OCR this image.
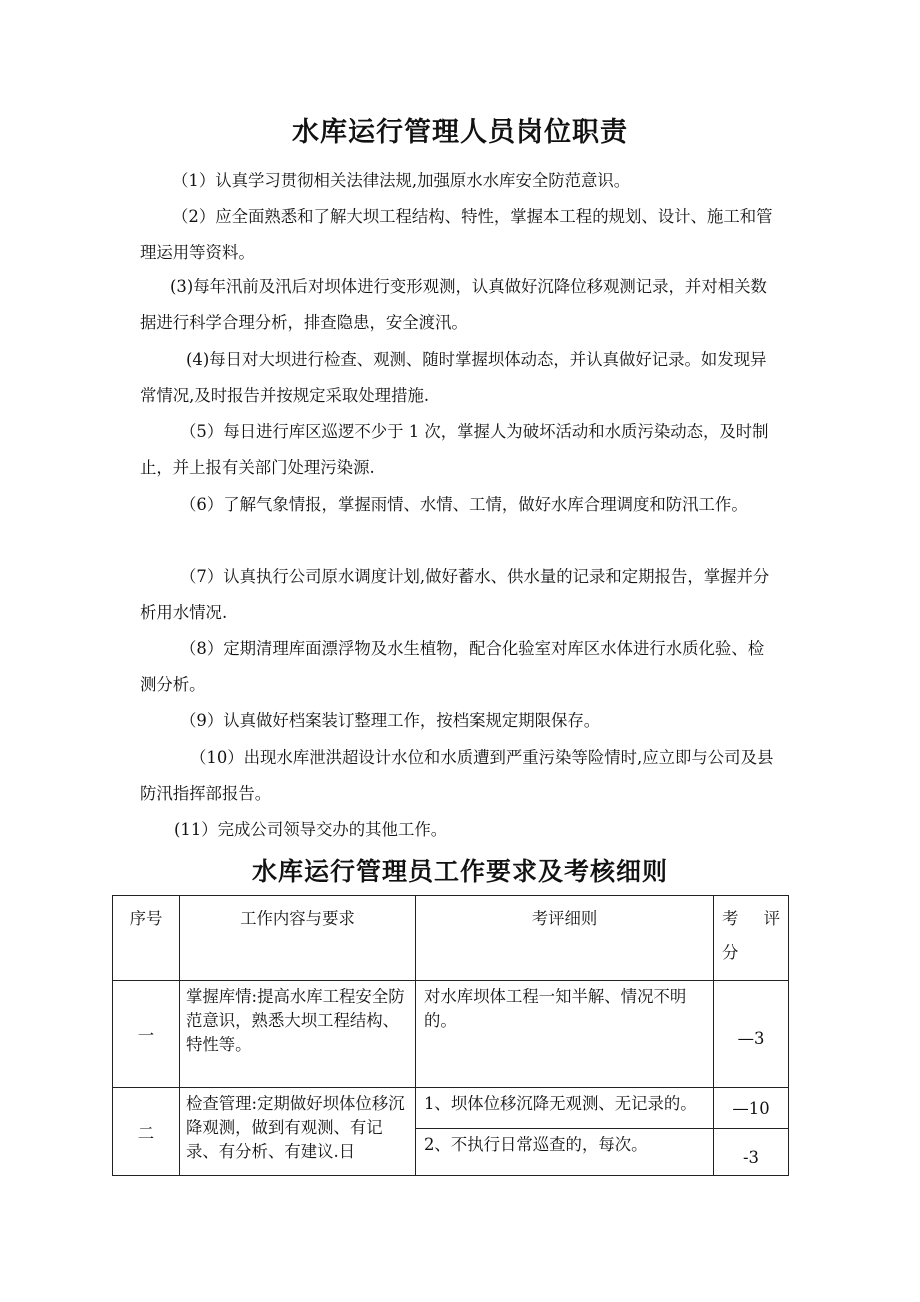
水库运行管理人员岗位职责

（1）认真学习贯彻相关法律法规,加强原水水库安全防范意识。

（2）应全面熟悉和了解大坝工程结构、特性，掌握本工程的规划、设计、施工和管理运用等资料。

(3)每年汛前及汛后对坝体进行变形观测，认真做好沉降位移观测记录，并对相关数据进行科学合理分析，排查隐患，安全渡汛。

(4)每日对大坝进行检查、观测、随时掌握坝体动态，并认真做好记录。如发现异常情况,及时报告并按规定采取处理措施.

（5）每日进行库区巡逻不少于 1 次，掌握人为破坏活动和水质污染动态，及时制止，并上报有关部门处理污染源.

（6）了解气象情报，掌握雨情、水情、工情，做好水库合理调度和防汛工作。

（7）认真执行公司原水调度计划,做好蓄水、供水量的记录和定期报告，掌握并分析用水情况.

（8）定期清理库面漂浮物及水生植物，配合化验室对库区水体进行水质化验、检测分析。

（9）认真做好档案装订整理工作，按档案规定期限保存。

（10）出现水库泄洪超设计水位和水质遭到严重污染等险情时,应立即与公司及县防汛指挥部报告。

(11）完成公司领导交办的其他工作。

水库运行管理员工作要求及考核细则
序号	工作内容与要求	考评细则	考 评 分
一	掌握库情:提高水库工程安全防范意识，熟悉大坝工程结构、特性等。	对水库坝体工程一知半解、情况不明的。	—3
二	检查管理:定期做好坝体位移沉降观测，做到有观测、有记录、有分析、有建议.日	1、坝体位移沉降无观测、无记录的。	—10
		2、不执行日常巡查的，每次。	-3
